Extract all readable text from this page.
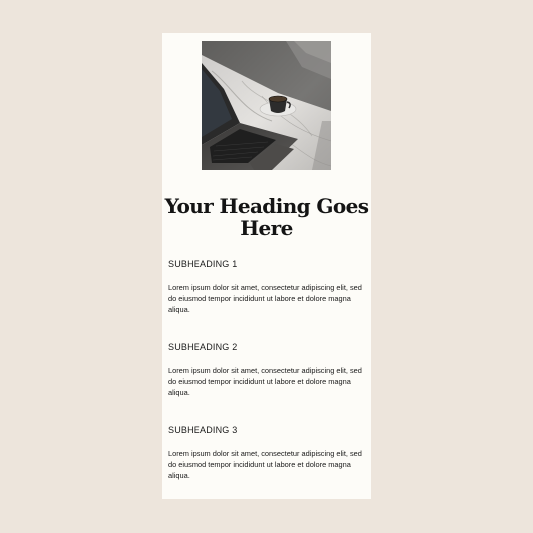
Your Heading Goes Here

SUBHEADING 1

Lorem ipsum dolor sit amet, consectetur adipiscing elit, sed do eiusmod tempor incididunt ut labore et dolore magna aliqua.

SUBHEADING 2

Lorem ipsum dolor sit amet, consectetur adipiscing elit, sed do eiusmod tempor incididunt ut labore et dolore magna aliqua.

SUBHEADING 3

Lorem ipsum dolor sit amet, consectetur adipiscing elit, sed do eiusmod tempor incididunt ut labore et dolore magna aliqua.
